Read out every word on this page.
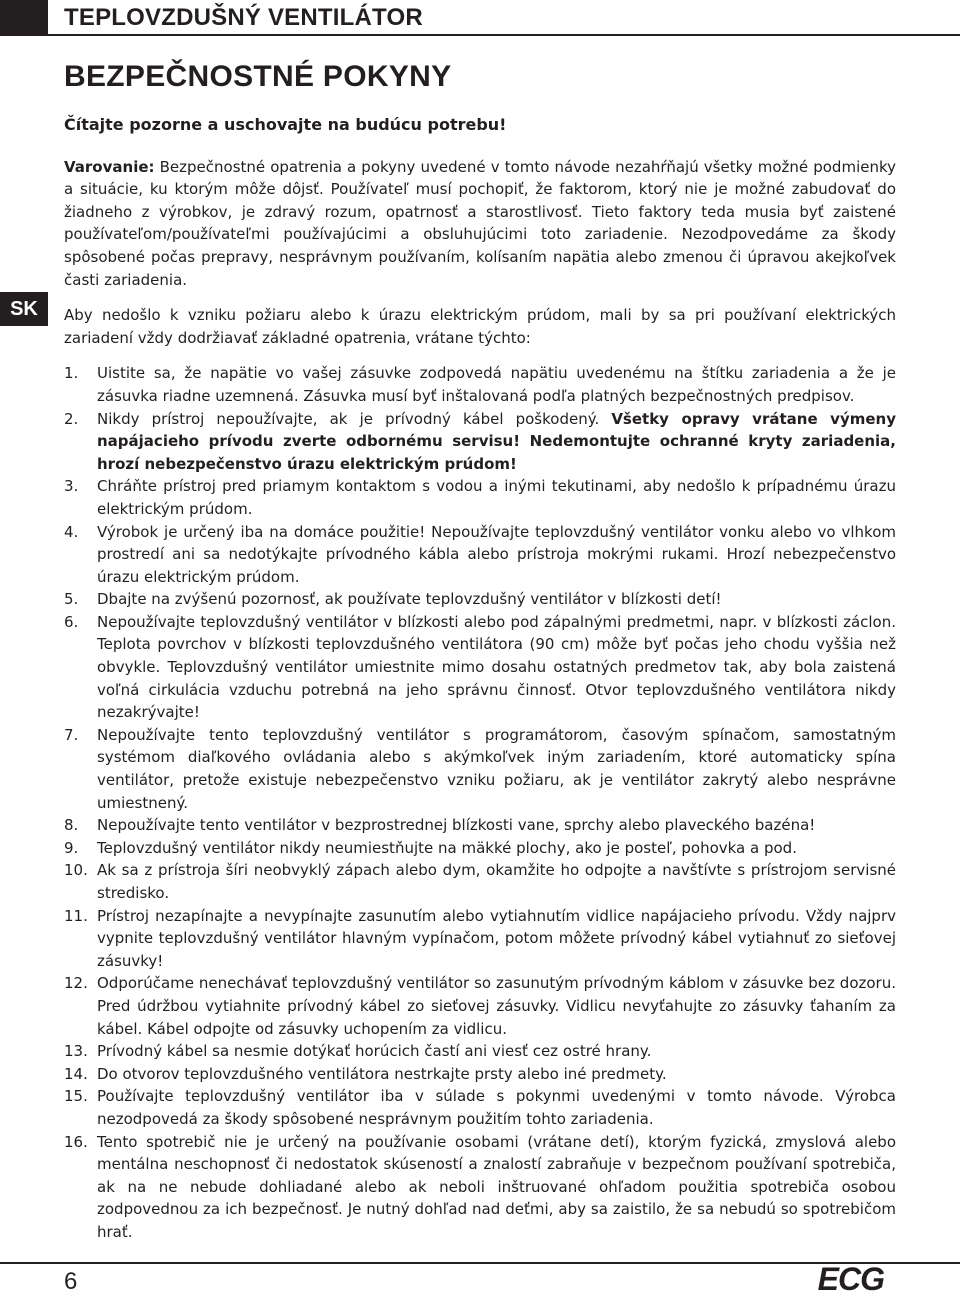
TEPLOVZDUŠNÝ VENTILÁTOR
BEZPEČNOSTNÉ POKYNY
SK

Čítajte pozorne a uschovajte na budúcu potrebu!

Varovanie: Bezpečnostné opatrenia a pokyny uvedené v tomto návode nezahŕňajú všetky možné podmienky a situácie, ku ktorým môže dôjsť. Používateľ musí pochopiť, že faktorom, ktorý nie je možné zabudovať do žiadneho z výrobkov, je zdravý rozum, opatrnosť a starostlivosť. Tieto faktory teda musia byť zaistené používateľom/používateľmi používajúcimi a obsluhujúcimi toto zariadenie. Nezodpovedáme za škody spôsobené počas prepravy, nesprávnym používaním, kolísaním napätia alebo zmenou či úpravou akejkoľvek časti zariadenia.

Aby nedošlo k vzniku požiaru alebo k úrazu elektrickým prúdom, mali by sa pri používaní elektrických zariadení vždy dodržiavať základné opatrenia, vrátane týchto:

1. Uistite sa, že napätie vo vašej zásuvke zodpovedá napätiu uvedenému na štítku zariadenia a že je zásuvka riadne uzemnená. Zásuvka musí byť inštalovaná podľa platných bezpečnostných predpisov.
2. Nikdy prístroj nepoužívajte, ak je prívodný kábel poškodený. Všetky opravy vrátane výmeny napájacieho prívodu zverte odbornému servisu! Nedemontujte ochranné kryty zariadenia, hrozí nebezpečenstvo úrazu elektrickým prúdom!
3. Chráňte prístroj pred priamym kontaktom s vodou a inými tekutinami, aby nedošlo k prípadnému úrazu elektrickým prúdom.
4. Výrobok je určený iba na domáce použitie! Nepoužívajte teplovzdušný ventilátor vonku alebo vo vlhkom prostredí ani sa nedotýkajte prívodného kábla alebo prístroja mokrými rukami. Hrozí nebezpečenstvo úrazu elektrickým prúdom.
5. Dbajte na zvýšenú pozornosť, ak používate teplovzdušný ventilátor v blízkosti detí!
6. Nepoužívajte teplovzdušný ventilátor v blízkosti alebo pod zápalnými predmetmi, napr. v blízkosti záclon. Teplota povrchov v blízkosti teplovzdušného ventilátora (90 cm) môže byť počas jeho chodu vyššia než obvykle. Teplovzdušný ventilátor umiestnite mimo dosahu ostatných predmetov tak, aby bola zaistená voľná cirkulácia vzduchu potrebná na jeho správnu činnosť. Otvor teplovzdušného ventilátora nikdy nezakrývajte!
7. Nepoužívajte tento teplovzdušný ventilátor s programátorom, časovým spínačom, samostatným systémom diaľkového ovládania alebo s akýmkoľvek iným zariadením, ktoré automaticky spína ventilátor, pretože existuje nebezpečenstvo vzniku požiaru, ak je ventilátor zakrytý alebo nesprávne umiestnený.
8. Nepoužívajte tento ventilátor v bezprostrednej blízkosti vane, sprchy alebo plaveckého bazéna!
9. Teplovzdušný ventilátor nikdy neumiestňujte na mäkké plochy, ako je posteľ, pohovka a pod.
10. Ak sa z prístroja šíri neobvyklý zápach alebo dym, okamžite ho odpojte a navštívte s prístrojom servisné stredisko.
11. Prístroj nezapínajte a nevypínajte zasunutím alebo vytiahnutím vidlice napájacieho prívodu. Vždy najprv vypnite teplovzdušný ventilátor hlavným vypínačom, potom môžete prívodný kábel vytiahnuť zo sieťovej zásuvky!
12. Odporúčame nenechávať teplovzdušný ventilátor so zasunutým prívodným káblom v zásuvke bez dozoru. Pred údržbou vytiahnite prívodný kábel zo sieťovej zásuvky. Vidlicu nevyťahujte zo zásuvky ťahaním za kábel. Kábel odpojte od zásuvky uchopením za vidlicu.
13. Prívodný kábel sa nesmie dotýkať horúcich častí ani viesť cez ostré hrany.
14. Do otvorov teplovzdušného ventilátora nestrkajte prsty alebo iné predmety.
15. Používajte teplovzdušný ventilátor iba v súlade s pokynmi uvedenými v tomto návode. Výrobca nezodpovedá za škody spôsobené nesprávnym použitím tohto zariadenia.
16. Tento spotrebič nie je určený na používanie osobami (vrátane detí), ktorým fyzická, zmyslová alebo mentálna neschopnosť či nedostatok skúseností a znalostí zabraňuje v bezpečnom používaní spotrebiča, ak na ne nebude dohliadané alebo ak neboli inštruované ohľadom použitia spotrebiča osobou zodpovednou za ich bezpečnosť. Je nutný dohľad nad deťmi, aby sa zaistilo, že sa nebudú so spotrebičom hrať.
6	ECG
